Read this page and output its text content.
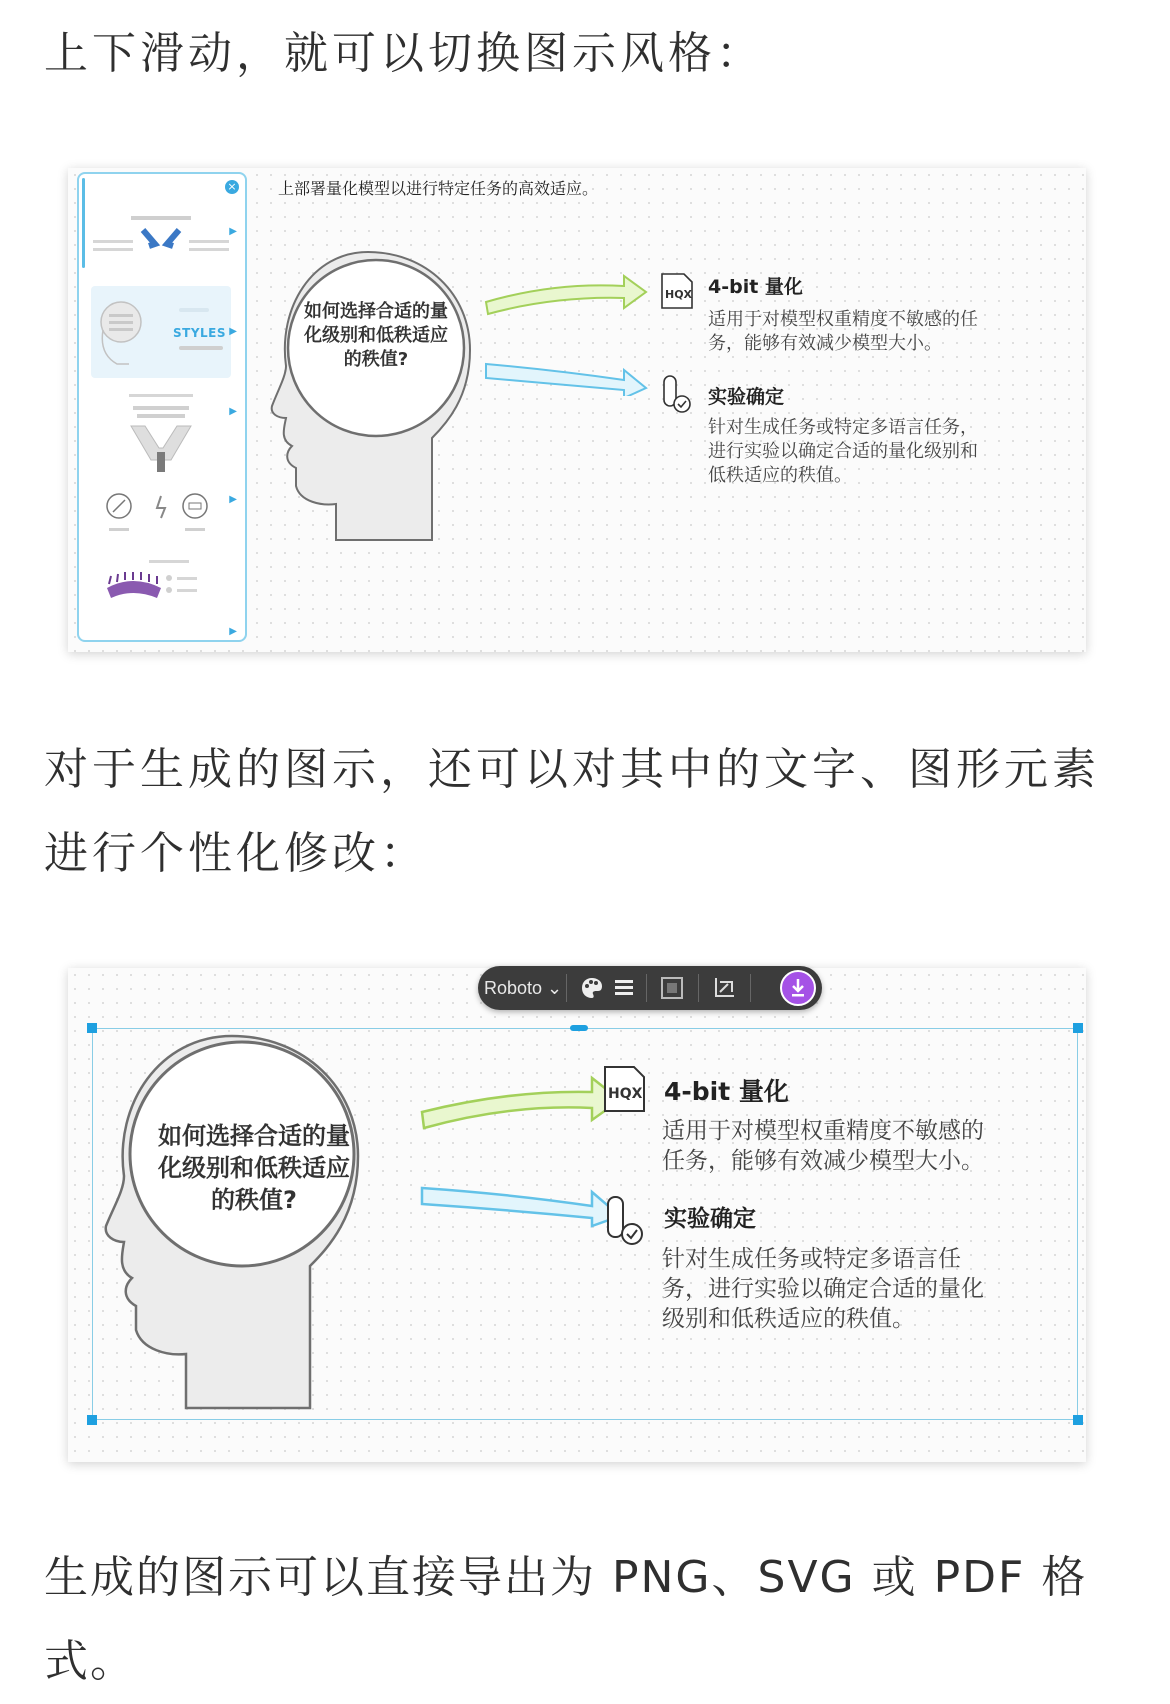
上下滑动，就可以切换图示风格：

×
▶
STYLES ▶
▶
▶
▶
上部署量化模型以进行特定任务的高效适应。
如何选择合适的量化级别和低秩适应的秩值?
HQX 4-bit 量化
适用于对模型权重精度不敏感的任务，能够有效减少模型大小。
实验确定
针对生成任务或特定多语言任务，进行实验以确定合适的量化级别和低秩适应的秩值。

对于生成的图示，还可以对其中的文字、图形元素进行个性化修改：

Roboto ⌄
如何选择合适的量化级别和低秩适应的秩值?
HQX 4-bit 量化
适用于对模型权重精度不敏感的任务，能够有效减少模型大小。
实验确定
针对生成任务或特定多语言任务，进行实验以确定合适的量化级别和低秩适应的秩值。

生成的图示可以直接导出为 PNG、SVG 或 PDF 格式。
